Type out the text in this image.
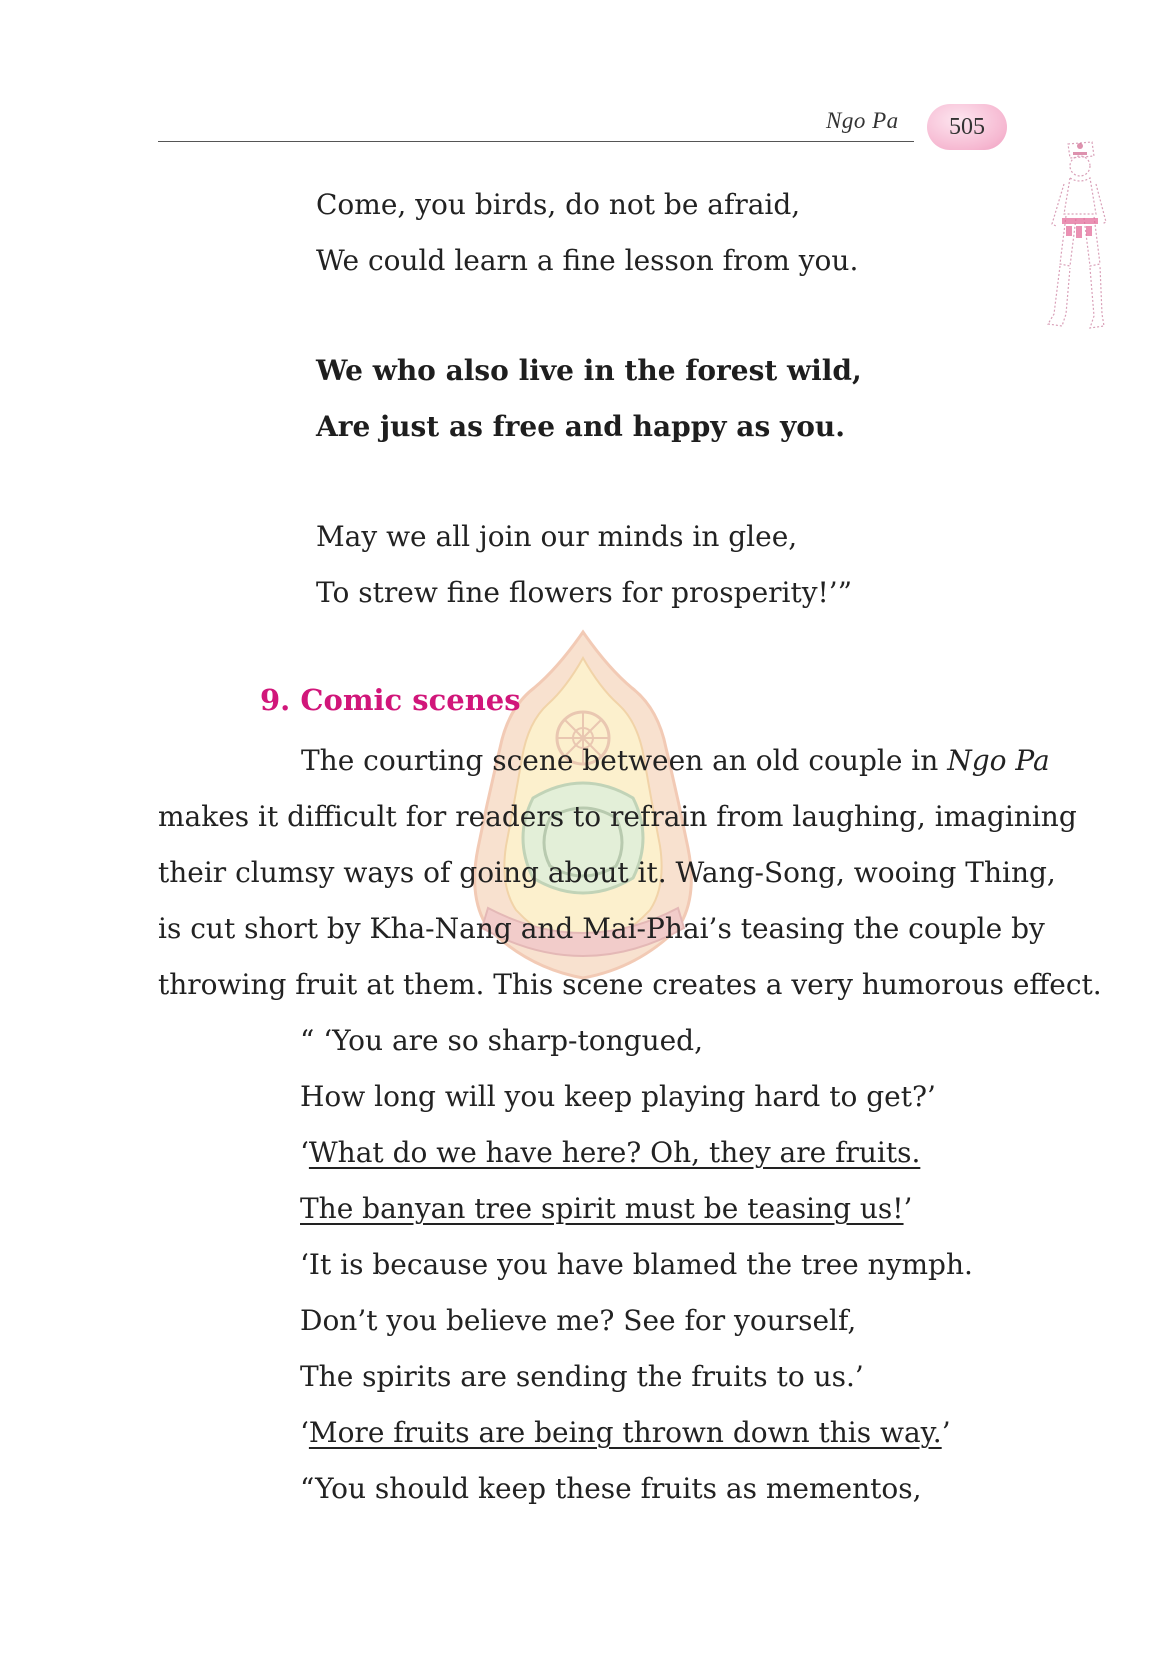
Ngo Pa 505
Come, you birds, do not be afraid,
We could learn a fine lesson from you.
We who also live in the forest wild,
Are just as free and happy as you.
May we all join our minds in glee,
To strew fine flowers for prosperity!’”
9. Comic scenes
The courting scene between an old couple in Ngo Pa
makes it difficult for readers to refrain from laughing, imagining
their clumsy ways of going about it. Wang-Song, wooing Thing,
is cut short by Kha-Nang and Mai-Phai’s teasing the couple by
throwing fruit at them. This scene creates a very humorous effect.
“ ‘You are so sharp-tongued,
How long will you keep playing hard to get?’
‘What do we have here? Oh, they are fruits.
The banyan tree spirit must be teasing us!’
‘It is because you have blamed the tree nymph.
Don’t you believe me? See for yourself,
The spirits are sending the fruits to us.’
‘More fruits are being thrown down this way.’
“You should keep these fruits as mementos,
